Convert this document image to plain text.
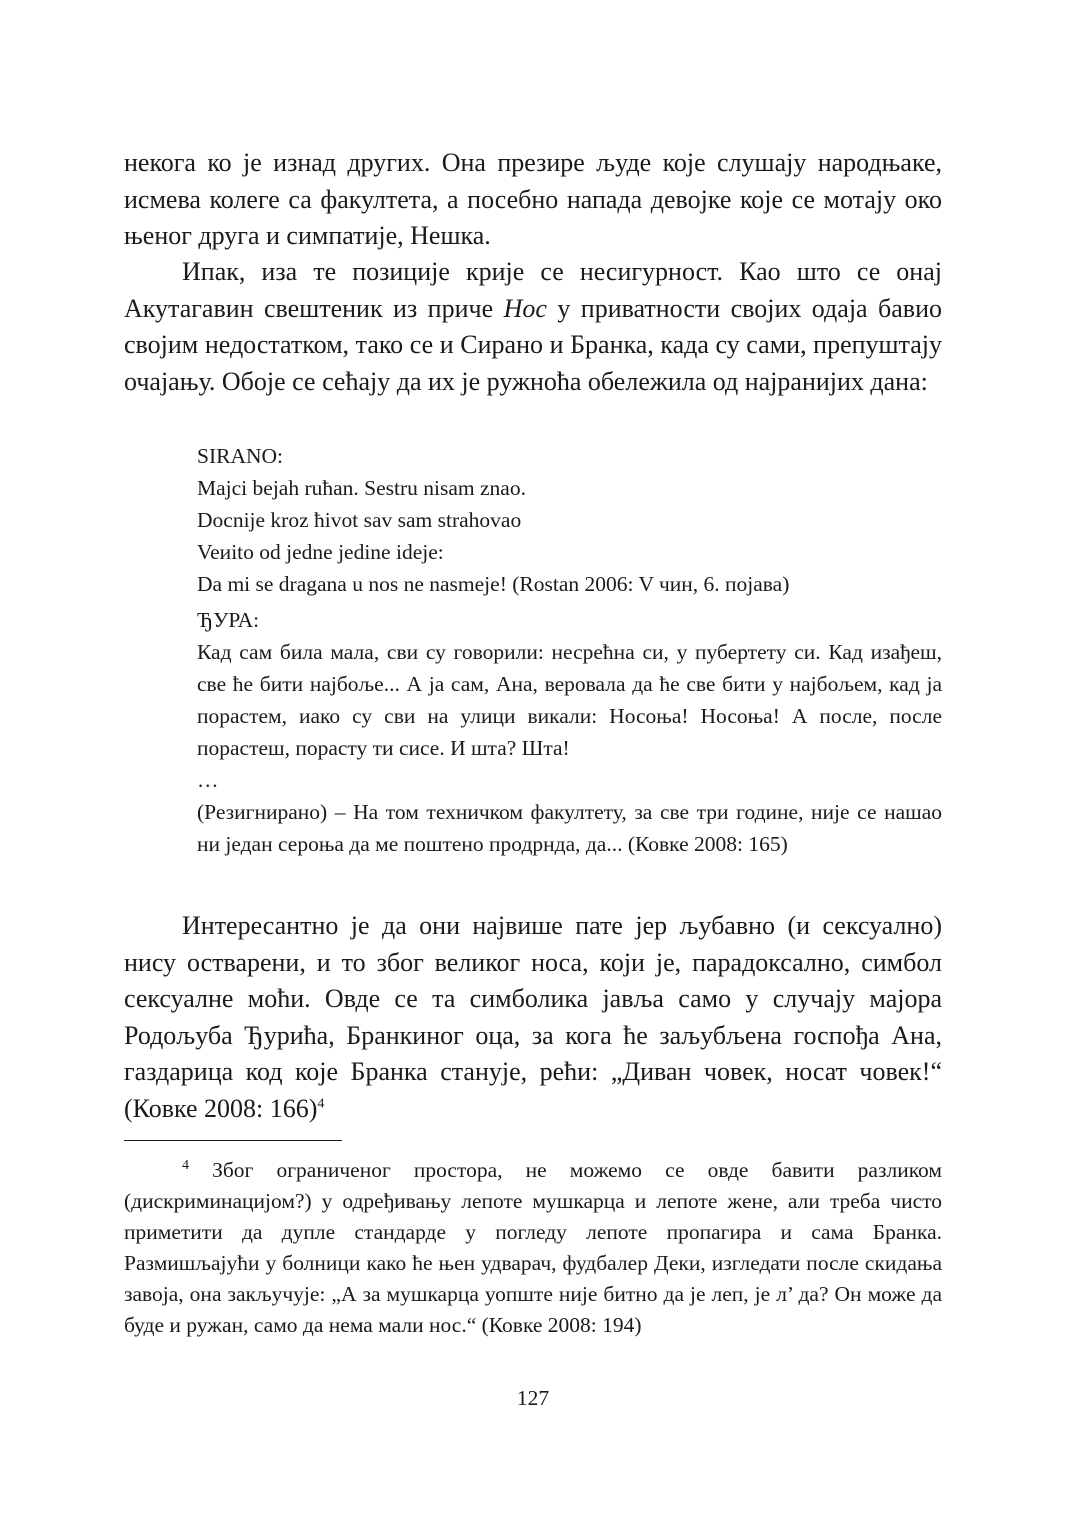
некога ко је изнад других. Она презире људе које слушају народњаке, исмева колеге са факултета, а посебно напада девојке које се мотају око њеног друга и симпатије, Нешка.

Ипак, иза те позиције крије се несигурност. Као што се онај Акутагавин свештеник из приче Нос у приватности својих одаја бавио својим недостатком, тако се и Сирано и Бранка, када су сами, препуштају очајању. Обоје се сећају да их је ружноћа обележила од најранијих дана:

SIRANO:
Majci bejah ruћan. Sestru nisam znao.
Docnije kroz ћivot sav sam strahovao
Veиito od jedne jedine ideje:
Da mi se dragana u nos ne nasmeje! (Rostan 2006: V чин, 6. појава)
ЂУРА:
Кад сам била мала, сви су говорили: несрећна си, у пубертету си. Кад изађеш, све ће бити најбоље... А ја сам, Ана, веровала да ће све бити у најбољем, кад ја порастем, иако су сви на улици викали: Носоња! Носоња! А после, после порастеш, порасту ти сисе. И шта? Шта!
…
(Резигнирано) – На том техничком факултету, за све три године, није се нашао ни један сероња да ме поштено продрнда, да... (Ковке 2008: 165)

Интересантно је да они највише пате јер љубавно (и сексуално) нису остварени, и то због великог носа, који је, парадоксално, симбол сексуалне моћи. Овде се та симболика јавља само у случају мајора Родољуба Ђурића, Бранкиног оца, за кога ће заљубљена госпођа Ана, газдарица код које Бранка станује, рећи: „Диван човек, носат човек!“ (Ковке 2008: 166)$^4$

$^4$ Због ограниченог простора, не можемо се овде бавити разликом (дискриминацијом?) у одређивању лепоте мушкарца и лепоте жене, али треба чисто приметити да дупле стандарде у погледу лепоте пропагира и сама Бранка. Размишљајући у болници како ће њен удварач, фудбалер Деки, изгледати после скидања завоја, она закључује: „А за мушкарца уопште није битно да је леп, је л’ да? Он може да буде и ружан, само да нема мали нос.“ (Ковке 2008: 194)

127
